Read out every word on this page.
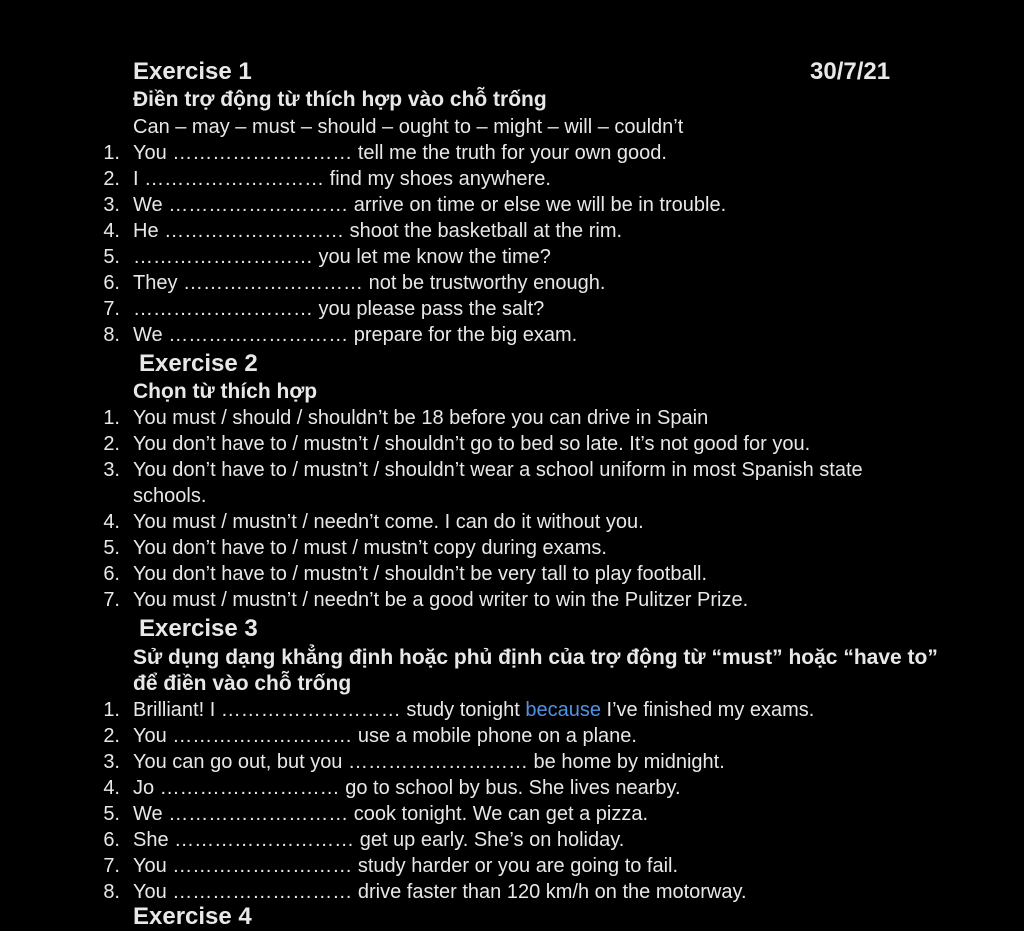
Exercise 1	30/7/21
Điền trợ động từ thích hợp vào chỗ trống
Can – may – must – should – ought to – might – will – couldn’t
1. You ……………………… tell me the truth for your own good.
2. I ……………………… find my shoes anywhere.
3. We ……………………… arrive on time or else we will be in trouble.
4. He ……………………… shoot the basketball at the rim.
5. ……………………… you let me know the time?
6. They ……………………… not be trustworthy enough.
7. ……………………… you please pass the salt?
8. We ……………………… prepare for the big exam.
Exercise 2
Chọn từ thích hợp
1. You must / should / shouldn’t be 18 before you can drive in Spain
2. You don’t have to / mustn’t / shouldn’t go to bed so late. It’s not good for you.
3. You don’t have to / mustn’t / shouldn’t wear a school uniform in most Spanish state
schools.
4. You must / mustn’t / needn’t come. I can do it without you.
5. You don’t have to / must / mustn’t copy during exams.
6. You don’t have to / mustn’t / shouldn’t be very tall to play football.
7. You must / mustn’t / needn’t be a good writer to win the Pulitzer Prize.
Exercise 3
Sử dụng dạng khẳng định hoặc phủ định của trợ động từ “must” hoặc “have to”
để điền vào chỗ trống
1. Brilliant! I ……………………… study tonight because I’ve finished my exams.
2. You ……………………… use a mobile phone on a plane.
3. You can go out, but you ……………………… be home by midnight.
4. Jo ……………………… go to school by bus. She lives nearby.
5. We ……………………… cook tonight. We can get a pizza.
6. She ……………………… get up early. She’s on holiday.
7. You ……………………… study harder or you are going to fail.
8. You ……………………… drive faster than 120 km/h on the motorway.
Exercise 4
